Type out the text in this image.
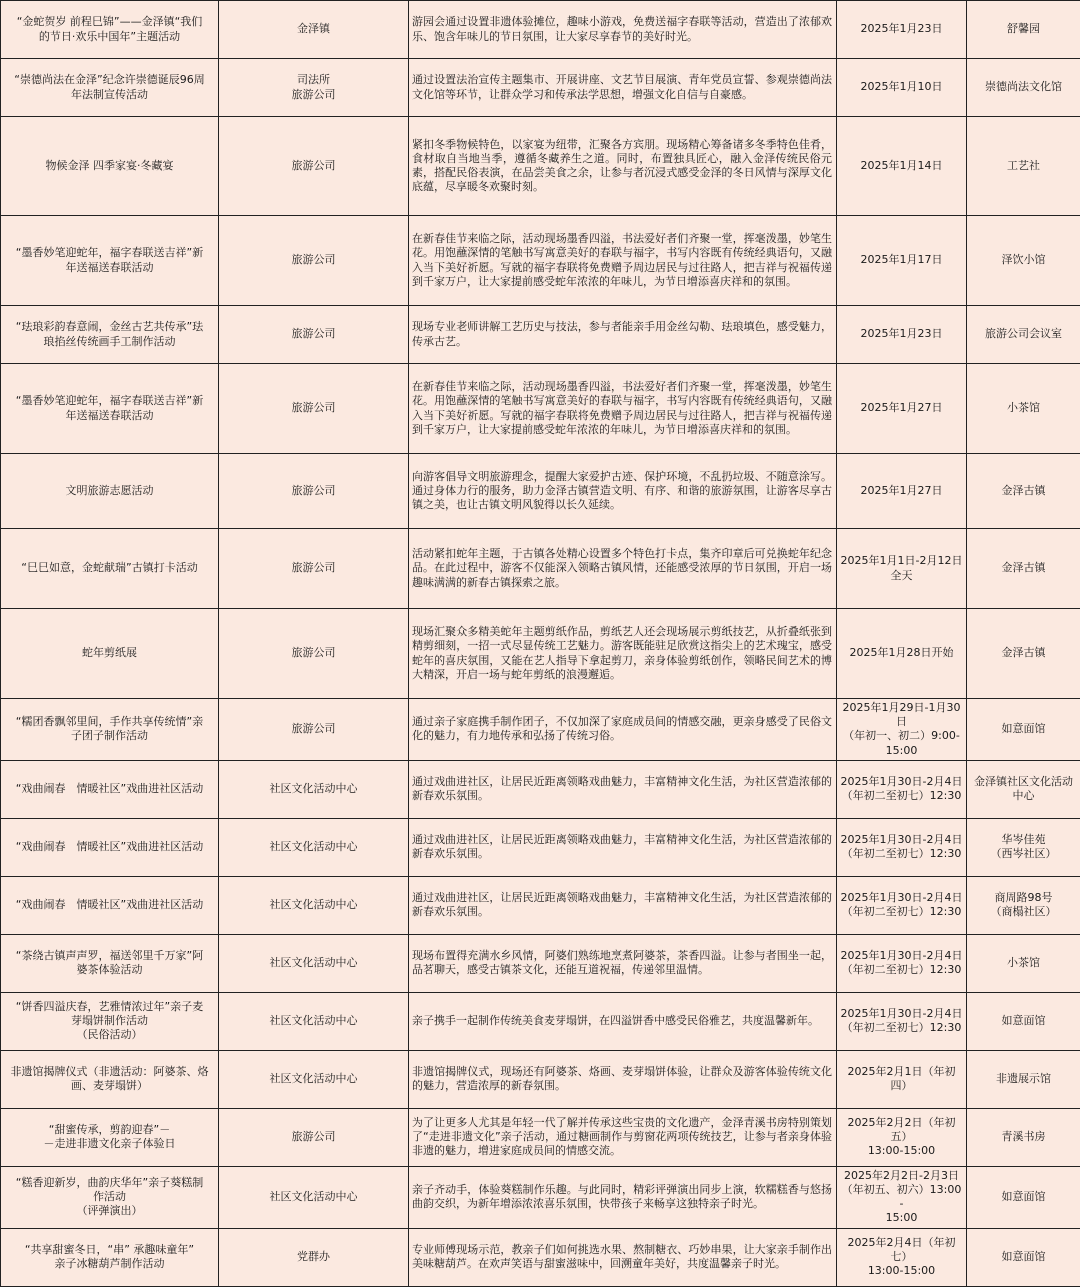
“金蛇贺岁 前程巳锦”——金泽镇“我们
的节日·欢乐中国年”主题活动	金泽镇	游园会通过设置非遗体验摊位，趣味小游戏，免费送福字春联等活动，营造出了浓郁欢乐、饱含年味儿的节日氛围，让大家尽享春节的美好时光。	2025年1月23日	舒馨园

“崇德尚法在金泽”纪念许崇德诞辰96周
年法制宣传活动	司法所
旅游公司	通过设置法治宣传主题集市、开展讲座、文艺节目展演、青年党员宣誓、参观崇德尚法文化馆等环节，让群众学习和传承法学思想，增强文化自信与自豪感。	2025年1月10日	崇德尚法文化馆

物候金泽 四季家宴·冬藏宴	旅游公司	紧扣冬季物候特色，以家宴为纽带，汇聚各方宾朋。现场精心筹备诸多冬季特色佳肴，食材取自当地当季，遵循冬藏养生之道。同时，布置独具匠心，融入金泽传统民俗元素，搭配民俗表演，在品尝美食之余，让参与者沉浸式感受金泽的冬日风情与深厚文化底蕴，尽享暖冬欢聚时刻。	2025年1月14日	工艺社

“墨香妙笔迎蛇年，福字春联送吉祥”新
年送福送春联活动	旅游公司	在新春佳节来临之际，活动现场墨香四溢，书法爱好者们齐聚一堂，挥毫泼墨，妙笔生花。用饱蘸深情的笔触书写寓意美好的春联与福字，书写内容既有传统经典语句，又融入当下美好祈愿。写就的福字春联将免费赠予周边居民与过往路人，把吉祥与祝福传递到千家万户，让大家提前感受蛇年浓浓的年味儿，为节日增添喜庆祥和的氛围。	2025年1月17日	泽饮小馆

“珐琅彩韵春意闹，金丝古艺共传承”珐
琅掐丝传统画手工制作活动	旅游公司	现场专业老师讲解工艺历史与技法，参与者能亲手用金丝勾勒、珐琅填色，感受魅力，传承古艺。	2025年1月23日	旅游公司会议室

“墨香妙笔迎蛇年，福字春联送吉祥”新
年送福送春联活动	旅游公司	在新春佳节来临之际，活动现场墨香四溢，书法爱好者们齐聚一堂，挥毫泼墨，妙笔生花。用饱蘸深情的笔触书写寓意美好的春联与福字，书写内容既有传统经典语句，又融入当下美好祈愿。写就的福字春联将免费赠予周边居民与过往路人，把吉祥与祝福传递到千家万户，让大家提前感受蛇年浓浓的年味儿，为节日增添喜庆祥和的氛围。	2025年1月27日	小茶馆

文明旅游志愿活动	旅游公司	向游客倡导文明旅游理念，提醒大家爱护古迹、保护环境，不乱扔垃圾、不随意涂写。通过身体力行的服务，助力金泽古镇营造文明、有序、和谐的旅游氛围，让游客尽享古镇之美，也让古镇文明风貌得以长久延续。	2025年1月27日	金泽古镇

“巳巳如意，金蛇献瑞”古镇打卡活动	旅游公司	活动紧扣蛇年主题，于古镇各处精心设置多个特色打卡点，集齐印章后可兑换蛇年纪念品。在此过程中，游客不仅能深入领略古镇风情，还能感受浓厚的节日氛围，开启一场趣味满满的新春古镇探索之旅。	2025年1月1日-2月12日
全天	金泽古镇

蛇年剪纸展	旅游公司	现场汇聚众多精美蛇年主题剪纸作品，剪纸艺人还会现场展示剪纸技艺，从折叠纸张到精剪细刻，一招一式尽显传统工艺魅力。游客既能驻足欣赏这指尖上的艺术瑰宝，感受蛇年的喜庆氛围，又能在艺人指导下拿起剪刀，亲身体验剪纸创作，领略民间艺术的博大精深，开启一场与蛇年剪纸的浪漫邂逅。	2025年1月28日开始	金泽古镇

“糯团香飘邻里间，手作共享传统情”亲
子团子制作活动	旅游公司	通过亲子家庭携手制作团子，不仅加深了家庭成员间的情感交融，更亲身感受了民俗文化的魅力，有力地传承和弘扬了传统习俗。	2025年1月29日-1月30日
（年初一、初二）9:00-
15:00	如意面馆

“戏曲闹春　情暖社区”戏曲进社区活动	社区文化活动中心	通过戏曲进社区，让居民近距离领略戏曲魅力，丰富精神文化生活，为社区营造浓郁的新春欢乐氛围。	2025年1月30日-2月4日
（年初二至初七）12:30	金泽镇社区文化活动
中心

“戏曲闹春　情暖社区”戏曲进社区活动	社区文化活动中心	通过戏曲进社区，让居民近距离领略戏曲魅力，丰富精神文化生活，为社区营造浓郁的新春欢乐氛围。	2025年1月30日-2月4日
（年初二至初七）12:30	华岑佳苑
（西岑社区）

“戏曲闹春　情暖社区”戏曲进社区活动	社区文化活动中心	通过戏曲进社区，让居民近距离领略戏曲魅力，丰富精神文化生活，为社区营造浓郁的新春欢乐氛围。	2025年1月30日-2月4日
（年初二至初七）12:30	商周路98号
（商榻社区）

“茶绕古镇声声罗，福送邻里千万家”阿
婆茶体验活动	社区文化活动中心	现场布置得充满水乡风情，阿婆们熟练地烹煮阿婆茶，茶香四溢。让参与者围坐一起，品茗聊天，感受古镇茶文化，还能互道祝福，传递邻里温情。	2025年1月30日-2月4日
（年初二至初七）12:30	小茶馆

“饼香四溢庆春，艺雅情浓过年”亲子麦
芽塌饼制作活动
（民俗活动）	社区文化活动中心	亲子携手一起制作传统美食麦芽塌饼，在四溢饼香中感受民俗雅艺，共度温馨新年。	2025年1月30日-2月4日
（年初二至初七）12:30	如意面馆

非遗馆揭牌仪式（非遗活动：阿婆茶、烙
画、麦芽塌饼）	社区文化活动中心	非遗馆揭牌仪式，现场还有阿婆茶、烙画、麦芽塌饼体验，让群众及游客体验传统文化的魅力，营造浓厚的新春氛围。	2025年2月1日（年初四）	非遗展示馆

“甜蜜传承，剪韵迎春”－
－走进非遗文化亲子体验日	旅游公司	为了让更多人尤其是年轻一代了解并传承这些宝贵的文化遗产，金泽青溪书房特别策划了“走进非遗文化”亲子活动，通过糖画制作与剪窗花两项传统技艺，让参与者亲身体验非遗的魅力，增进家庭成员间的情感交流。	2025年2月2日（年初五）
13:00-15:00	青溪书房

“糕香迎新岁，曲韵庆华年”亲子葵糕制
作活动
（评弹演出）	社区文化活动中心	亲子齐动手，体验葵糕制作乐趣。与此同时，精彩评弹演出同步上演，软糯糕香与悠扬曲韵交织，为新年增添浓浓喜乐氛围，快带孩子来畅享这独特亲子时光。	2025年2月2日-2月3日
（年初五、初六）13:00-
15:00	如意面馆

“共享甜蜜冬日，“串” 承趣味童年”
亲子冰糖葫芦制作活动	党群办	专业师傅现场示范，教亲子们如何挑选水果、熬制糖衣、巧妙串果，让大家亲手制作出美味糖葫芦。在欢声笑语与甜蜜滋味中，回溯童年美好，共度温馨亲子时光。	2025年2月4日（年初七）
13:00-15:00	如意面馆
